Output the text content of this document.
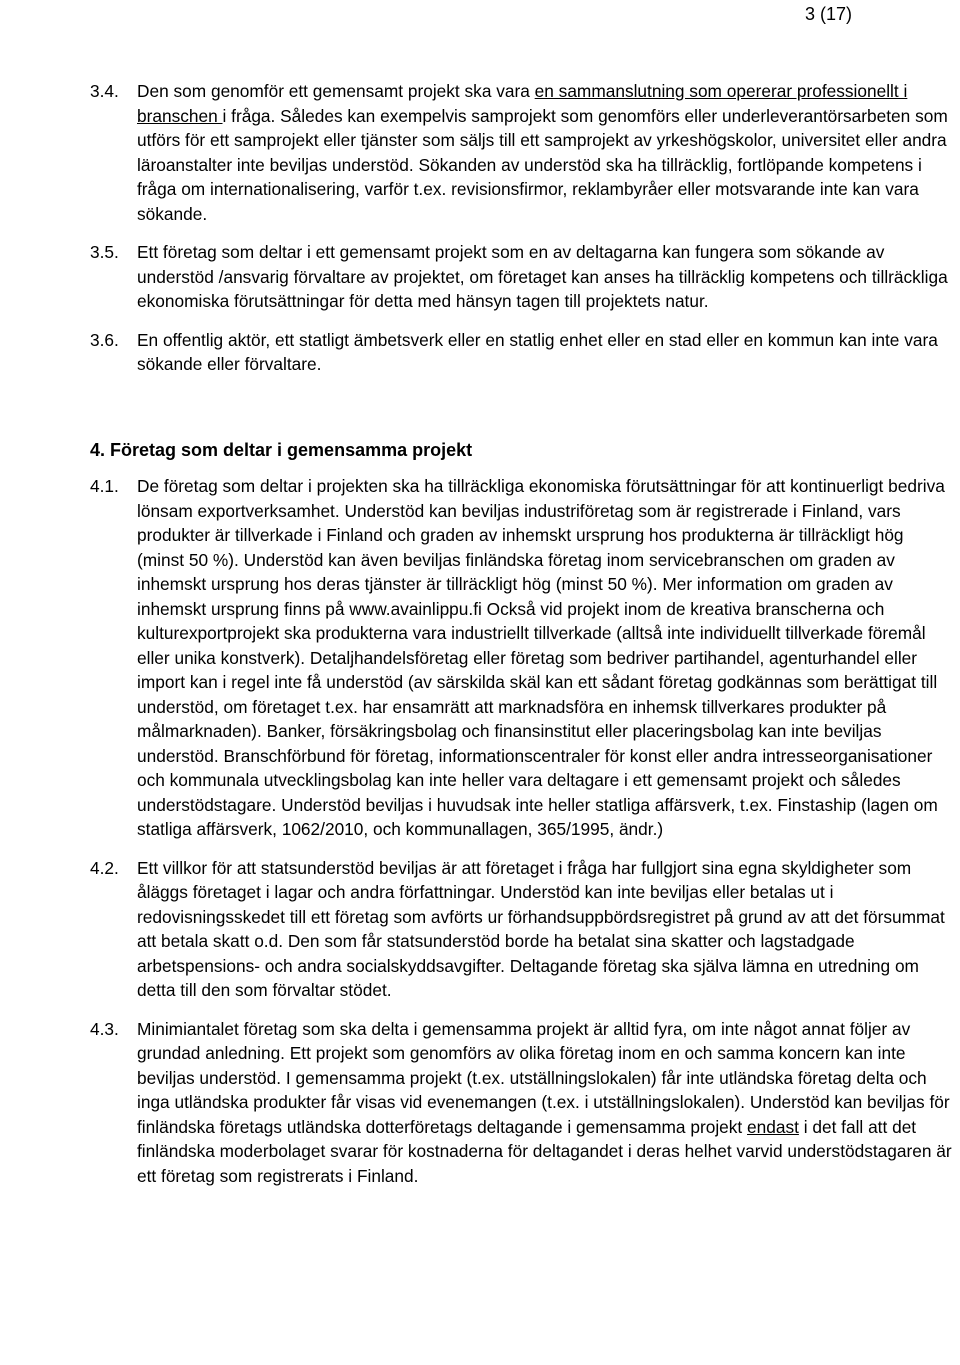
3 (17)
3.4.	Den som genomför ett gemensamt projekt ska vara en sammanslutning som opererar professionellt i branschen i fråga. Således kan exempelvis samprojekt som genomförs eller underleverantörsarbeten som utförs för ett samprojekt eller tjänster som säljs till ett samprojekt av yrkeshögskolor, universitet eller andra läroanstalter inte beviljas understöd. Sökanden av understöd ska ha tillräcklig, fortlöpande kompetens i fråga om internationalisering, varför t.ex. revisionsfirmor, reklambyråer eller motsvarande inte kan vara sökande.
3.5.	Ett företag som deltar i ett gemensamt projekt som en av deltagarna kan fungera som sökande av understöd /ansvarig förvaltare av projektet, om företaget kan anses ha tillräcklig kompetens och tillräckliga ekonomiska förutsättningar för detta med hänsyn tagen till projektets natur.
3.6.	En offentlig aktör, ett statligt ämbetsverk eller en statlig enhet eller en stad eller en kommun kan inte vara sökande eller förvaltare.
4. Företag som deltar i gemensamma projekt
4.1.	De företag som deltar i projekten ska ha tillräckliga ekonomiska förutsättningar för att kontinuerligt bedriva lönsam exportverksamhet. Understöd kan beviljas industriföretag som är registrerade i Finland, vars produkter är tillverkade i Finland och graden av inhemskt ursprung hos produkterna är tillräckligt hög (minst 50 %). Understöd kan även beviljas finländska företag inom servicebranschen om graden av inhemskt ursprung hos deras tjänster är tillräckligt hög (minst 50 %). Mer information om graden av inhemskt ursprung finns på www.avainlippu.fi Också vid projekt inom de kreativa branscherna och kulturexportprojekt ska produkterna vara industriellt tillverkade (alltså inte individuellt tillverkade föremål eller unika konstverk). Detaljhandelsföretag eller företag som bedriver partihandel, agenturhandel eller import kan i regel inte få understöd (av särskilda skäl kan ett sådant företag godkännas som berättigat till understöd, om företaget t.ex. har ensamrätt att marknadsföra en inhemsk tillverkares produkter på målmarknaden). Banker, försäkringsbolag och finansinstitut eller placeringsbolag kan inte beviljas understöd. Branschförbund för företag, informationscentraler för konst eller andra intresseorganisationer och kommunala utvecklingsbolag kan inte heller vara deltagare i ett gemensamt projekt och således understödstagare. Understöd beviljas i huvudsak inte heller statliga affärsverk, t.ex. Finstaship (lagen om statliga affärsverk, 1062/2010, och kommunallagen, 365/1995, ändr.)
4.2.	Ett villkor för att statsunderstöd beviljas är att företaget i fråga har fullgjort sina egna skyldigheter som åläggs företaget i lagar och andra författningar. Understöd kan inte beviljas eller betalas ut i redovisningsskedet till ett företag som avförts ur förhandsuppbördsregistret på grund av att det försummat att betala skatt o.d. Den som får statsunderstöd borde ha betalat sina skatter och lagstadgade arbetspensions- och andra socialskyddsavgifter. Deltagande företag ska själva lämna en utredning om detta till den som förvaltar stödet.
4.3.	Minimiantalet företag som ska delta i gemensamma projekt är alltid fyra, om inte något annat följer av grundad anledning. Ett projekt som genomförs av olika företag inom en och samma koncern kan inte beviljas understöd. I gemensamma projekt (t.ex. utställningslokalen) får inte utländska företag delta och inga utländska produkter får visas vid evenemangen (t.ex. i utställningslokalen). Understöd kan beviljas för finländska företags utländska dotterföretags deltagande i gemensamma projekt endast i det fall att det finländska moderbolaget svarar för kostnaderna för deltagandet i deras helhet varvid understödstagaren är ett företag som registrerats i Finland.
